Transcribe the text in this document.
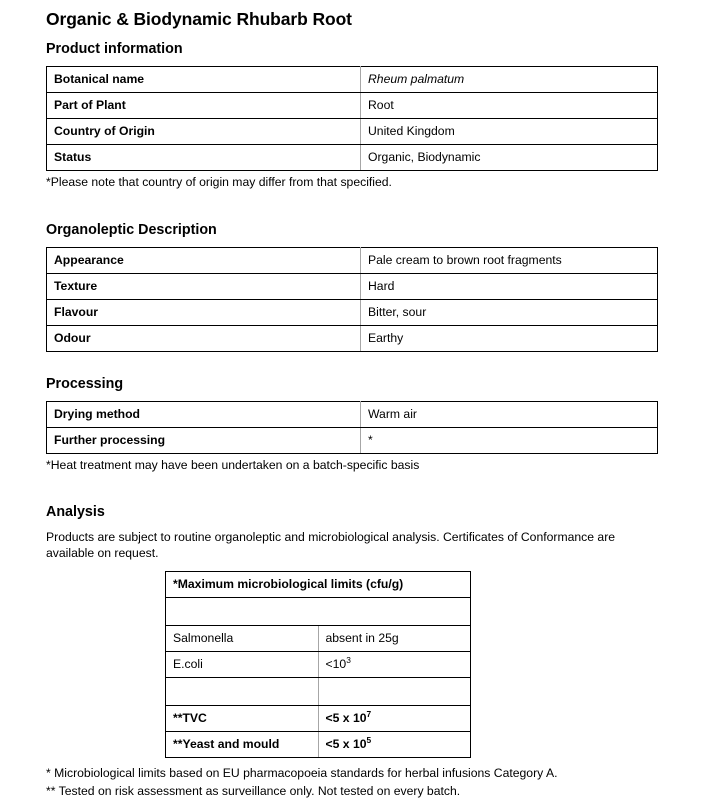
Organic & Biodynamic Rhubarb Root
Product information
Botanical name	Rheum palmatum
Part of Plant	Root
Country of Origin	United Kingdom
Status	Organic, Biodynamic
*Please note that country of origin may differ from that specified.
Organoleptic Description
Appearance	Pale cream to brown root fragments
Texture	Hard
Flavour	Bitter, sour
Odour	Earthy
Processing
Drying method	Warm air
Further processing	*
*Heat treatment may have been undertaken on a batch-specific basis
Analysis
Products are subject to routine organoleptic and microbiological analysis. Certificates of Conformance are available on request.
*Maximum microbiological limits (cfu/g)	

Salmonella	absent in 25g
E.coli	$<10^3$

**TVC	<5 x $10^7$
**Yeast and mould	<5 x $10^5$
* Microbiological limits based on EU pharmacopoeia standards for herbal infusions Category A.
** Tested on risk assessment as surveillance only. Not tested on every batch.
